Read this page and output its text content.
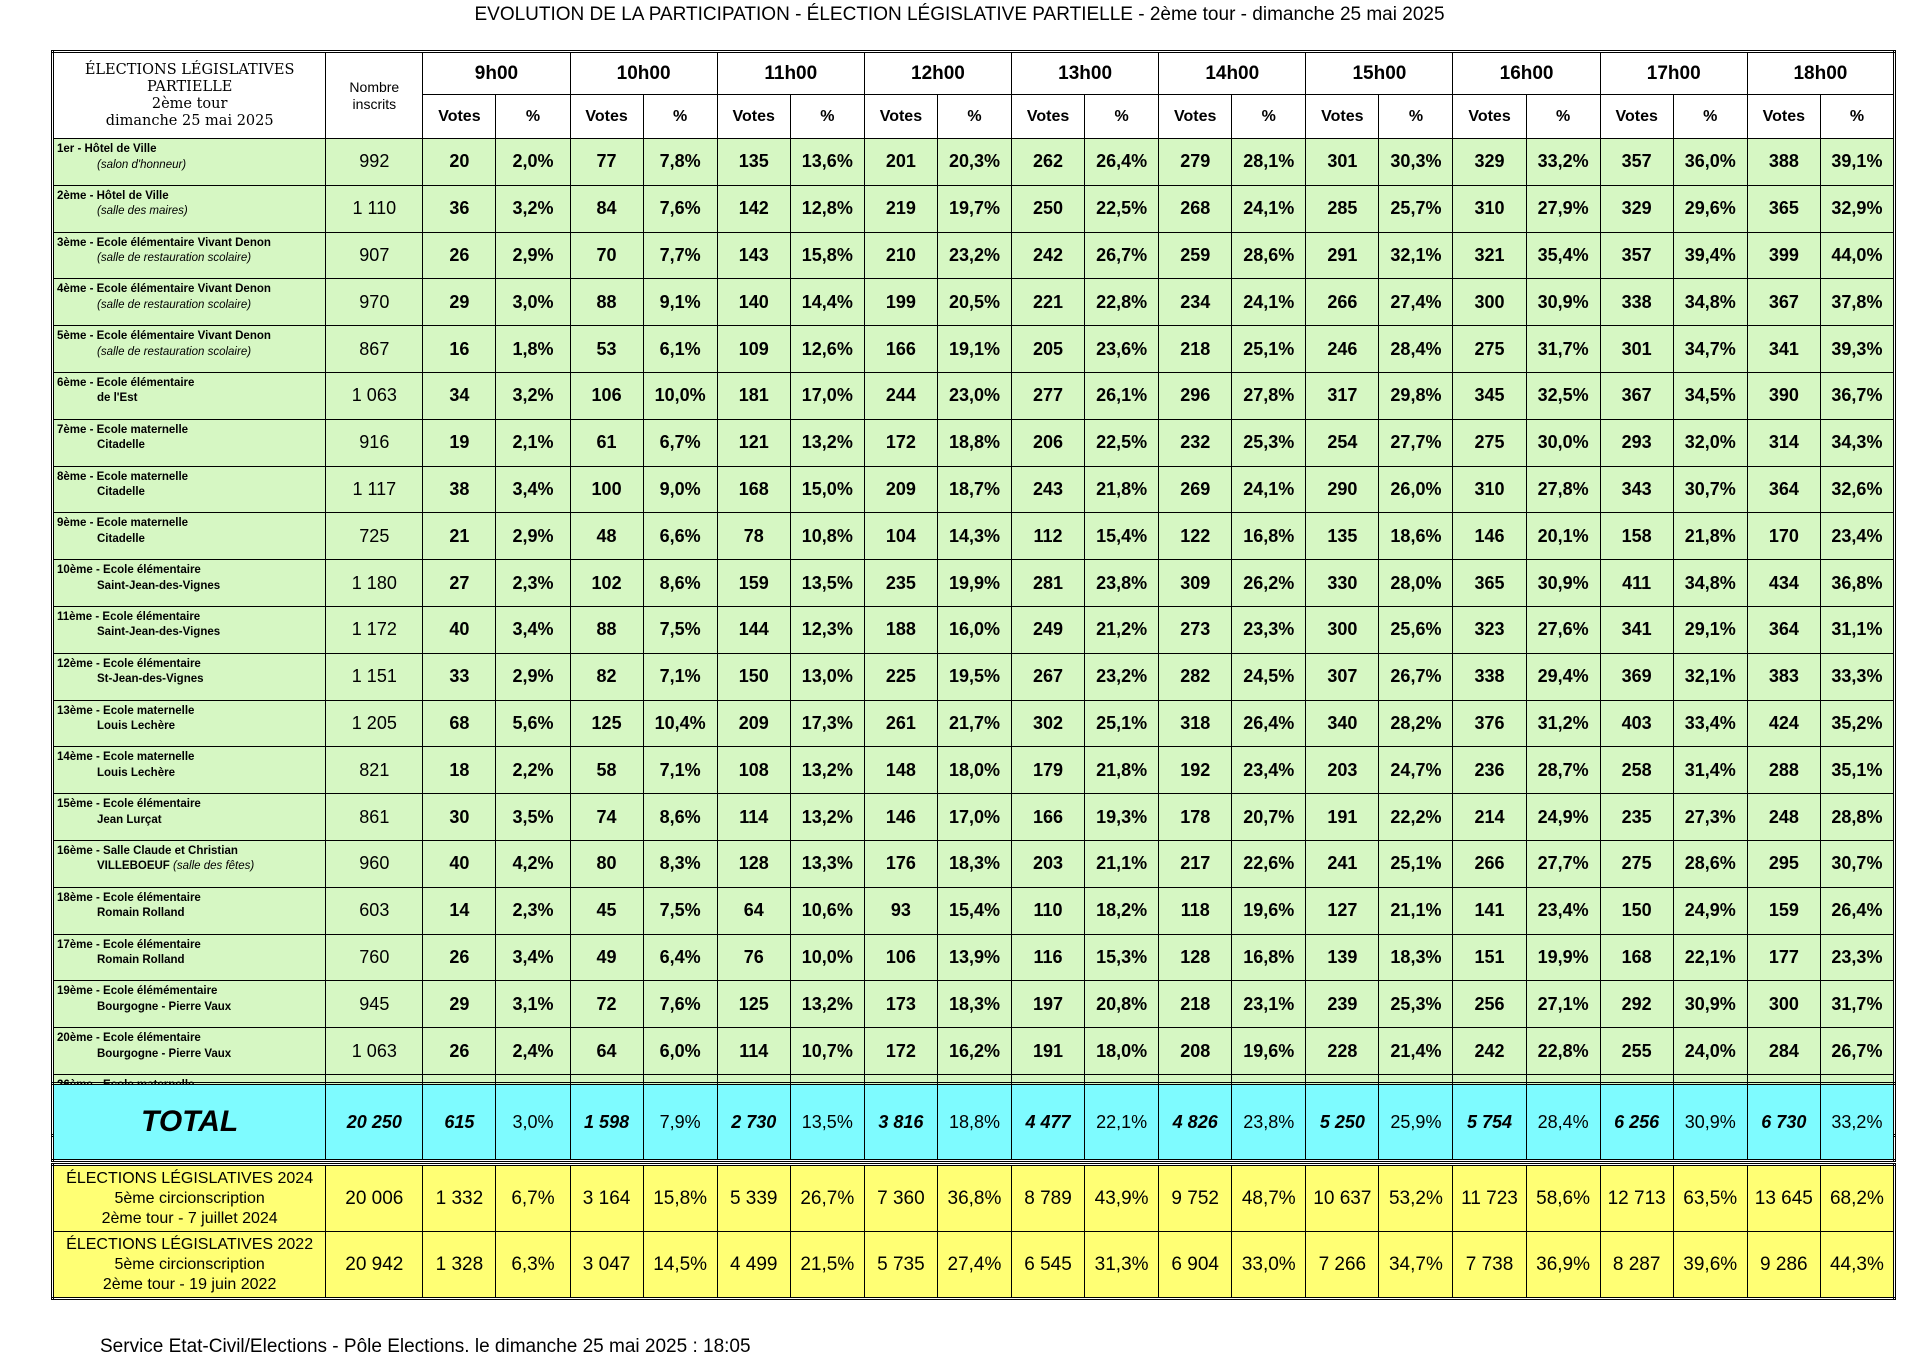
EVOLUTION DE LA PARTICIPATION - ÉLECTION LÉGISLATIVE PARTIELLE - 2ème tour - dimanche 25 mai 2025
ÉLECTIONS LÉGISLATIVES
PARTIELLE
2ème tour
dimanche 25 mai 2025	Nombre inscrits	9h00		10h00		11h00		12h00		13h00		14h00		15h00		16h00		17h00		18h00	
		Votes	%	Votes	%	Votes	%	Votes	%	Votes	%	Votes	%	Votes	%	Votes	%	Votes	%	Votes	%

1er - Hôtel de Ville
(salon d'honneur)	992	20	2,0%	77	7,8%	135	13,6%	201	20,3%	262	26,4%	279	28,1%	301	30,3%	329	33,2%	357	36,0%	388	39,1%

2ème - Hôtel de Ville
(salle des maires)	1 110	36	3,2%	84	7,6%	142	12,8%	219	19,7%	250	22,5%	268	24,1%	285	25,7%	310	27,9%	329	29,6%	365	32,9%

3ème - Ecole élémentaire Vivant Denon
(salle de restauration scolaire)	907	26	2,9%	70	7,7%	143	15,8%	210	23,2%	242	26,7%	259	28,6%	291	32,1%	321	35,4%	357	39,4%	399	44,0%

4ème - Ecole élémentaire Vivant Denon
(salle de restauration scolaire)	970	29	3,0%	88	9,1%	140	14,4%	199	20,5%	221	22,8%	234	24,1%	266	27,4%	300	30,9%	338	34,8%	367	37,8%

5ème - Ecole élémentaire Vivant Denon
(salle de restauration scolaire)	867	16	1,8%	53	6,1%	109	12,6%	166	19,1%	205	23,6%	218	25,1%	246	28,4%	275	31,7%	301	34,7%	341	39,3%

6ème - Ecole élémentaire
de l'Est	1 063	34	3,2%	106	10,0%	181	17,0%	244	23,0%	277	26,1%	296	27,8%	317	29,8%	345	32,5%	367	34,5%	390	36,7%

7ème - Ecole maternelle
Citadelle	916	19	2,1%	61	6,7%	121	13,2%	172	18,8%	206	22,5%	232	25,3%	254	27,7%	275	30,0%	293	32,0%	314	34,3%

8ème - Ecole maternelle
Citadelle	1 117	38	3,4%	100	9,0%	168	15,0%	209	18,7%	243	21,8%	269	24,1%	290	26,0%	310	27,8%	343	30,7%	364	32,6%

9ème - Ecole maternelle
Citadelle	725	21	2,9%	48	6,6%	78	10,8%	104	14,3%	112	15,4%	122	16,8%	135	18,6%	146	20,1%	158	21,8%	170	23,4%

10ème - Ecole élémentaire
Saint-Jean-des-Vignes	1 180	27	2,3%	102	8,6%	159	13,5%	235	19,9%	281	23,8%	309	26,2%	330	28,0%	365	30,9%	411	34,8%	434	36,8%

11ème - Ecole élémentaire
Saint-Jean-des-Vignes	1 172	40	3,4%	88	7,5%	144	12,3%	188	16,0%	249	21,2%	273	23,3%	300	25,6%	323	27,6%	341	29,1%	364	31,1%

12ème - Ecole élémentaire
St-Jean-des-Vignes	1 151	33	2,9%	82	7,1%	150	13,0%	225	19,5%	267	23,2%	282	24,5%	307	26,7%	338	29,4%	369	32,1%	383	33,3%

13ème - Ecole maternelle
Louis Lechère	1 205	68	5,6%	125	10,4%	209	17,3%	261	21,7%	302	25,1%	318	26,4%	340	28,2%	376	31,2%	403	33,4%	424	35,2%

14ème - Ecole maternelle
Louis Lechère	821	18	2,2%	58	7,1%	108	13,2%	148	18,0%	179	21,8%	192	23,4%	203	24,7%	236	28,7%	258	31,4%	288	35,1%

15ème - Ecole élémentaire
Jean Lurçat	861	30	3,5%	74	8,6%	114	13,2%	146	17,0%	166	19,3%	178	20,7%	191	22,2%	214	24,9%	235	27,3%	248	28,8%

16ème - Salle Claude et Christian
VILLEBOEUF (salle des fêtes)	960	40	4,2%	80	8,3%	128	13,3%	176	18,3%	203	21,1%	217	22,6%	241	25,1%	266	27,7%	275	28,6%	295	30,7%

18ème - Ecole élémentaire
Romain Rolland	603	14	2,3%	45	7,5%	64	10,6%	93	15,4%	110	18,2%	118	19,6%	127	21,1%	141	23,4%	150	24,9%	159	26,4%

17ème - Ecole élémentaire
Romain Rolland	760	26	3,4%	49	6,4%	76	10,0%	106	13,9%	116	15,3%	128	16,8%	139	18,3%	151	19,9%	168	22,1%	177	23,3%

19ème - Ecole élémémentaire
Bourgogne - Pierre Vaux	945	29	3,1%	72	7,6%	125	13,2%	173	18,3%	197	20,8%	218	23,1%	239	25,3%	256	27,1%	292	30,9%	300	31,7%

20ème - Ecole élémentaire
Bourgogne - Pierre Vaux	1 063	26	2,4%	64	6,0%	114	10,7%	172	16,2%	191	18,0%	208	19,6%	228	21,4%	242	22,8%	255	24,0%	284	26,7%

TOTAL	20 250	615	3,0%	1 598	7,9%	2 730	13,5%	3 816	18,8%	4 477	22,1%	4 826	23,8%	5 250	25,9%	5 754	28,4%	6 256	30,9%	6 730	33,2%
ÉLECTIONS LÉGISLATIVES 2024
5ème circionscription
2ème tour - 7 juillet 2024	20 006	1 332	6,7%	3 164	15,8%	5 339	26,7%	7 360	36,8%	8 789	43,9%	9 752	48,7%	10 637	53,2%	11 723	58,6%	12 713	63,5%	13 645	68,2%
ÉLECTIONS LÉGISLATIVES 2022
5ème circionscription
2ème tour - 19 juin 2022	20 942	1 328	6,3%	3 047	14,5%	4 499	21,5%	5 735	27,4%	6 545	31,3%	6 904	33,0%	7 266	34,7%	7 738	36,9%	8 287	39,6%	9 286	44,3%
Service Etat-Civil/Elections - Pôle Elections. le dimanche 25 mai 2025 : 18:05
